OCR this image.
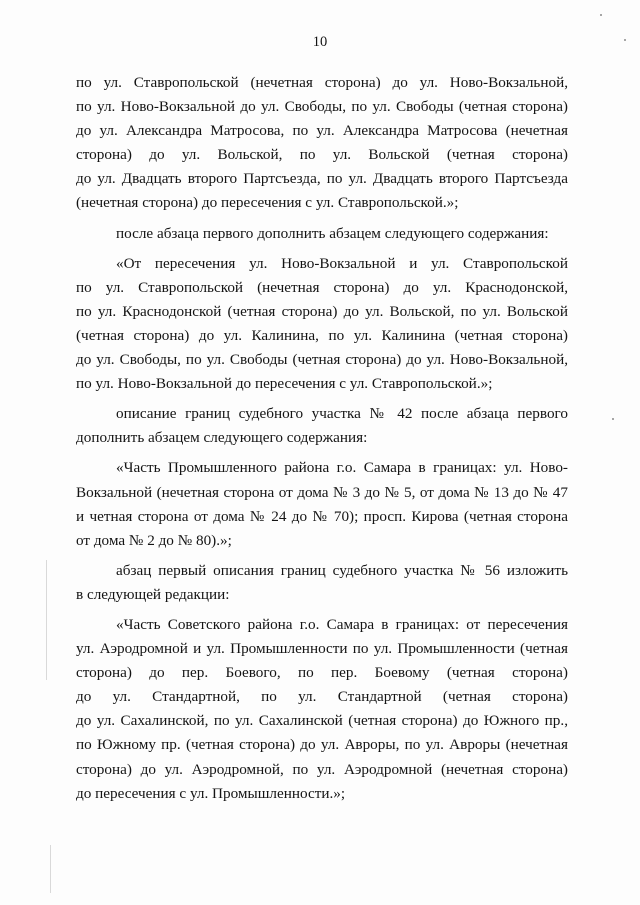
10
по ул. Ставропольской (нечетная сторона) до ул. Ново-Вокзальной,
по ул. Ново-Вокзальной до ул. Свободы, по ул. Свободы (четная сторона)
до ул. Александра Матросова, по ул. Александра Матросова (нечетная
сторона) до ул. Вольской, по ул. Вольской (четная сторона)
до ул. Двадцать второго Партсъезда, по ул. Двадцать второго Партсъезда
(нечетная сторона) до пересечения с ул. Ставропольской.»;
после абзаца первого дополнить абзацем следующего содержания:
«От пересечения ул. Ново-Вокзальной и ул. Ставропольской
по ул. Ставропольской (нечетная сторона) до ул. Краснодонской,
по ул. Краснодонской (четная сторона) до ул. Вольской, по ул. Вольской
(четная сторона) до ул. Калинина, по ул. Калинина (четная сторона)
до ул. Свободы, по ул. Свободы (четная сторона) до ул. Ново-Вокзальной,
по ул. Ново-Вокзальной до пересечения с ул. Ставропольской.»;
описание границ судебного участка № 42 после абзаца первого
дополнить абзацем следующего содержания:
«Часть Промышленного района г.о. Самара в границах: ул. Ново-
Вокзальной (нечетная сторона от дома № 3 до № 5, от дома № 13 до № 47
и четная сторона от дома № 24 до № 70); просп. Кирова (четная сторона
от дома № 2 до № 80).»;
абзац первый описания границ судебного участка № 56 изложить
в следующей редакции:
«Часть Советского района г.о. Самара в границах: от пересечения
ул. Аэродромной и ул. Промышленности по ул. Промышленности (четная
сторона) до пер. Боевого, по пер. Боевому (четная сторона)
до ул. Стандартной, по ул. Стандартной (четная сторона)
до ул. Сахалинской, по ул. Сахалинской (четная сторона) до Южного пр.,
по Южному пр. (четная сторона) до ул. Авроры, по ул. Авроры (нечетная
сторона) до ул. Аэродромной, по ул. Аэродромной (нечетная сторона)
до пересечения с ул. Промышленности.»;
